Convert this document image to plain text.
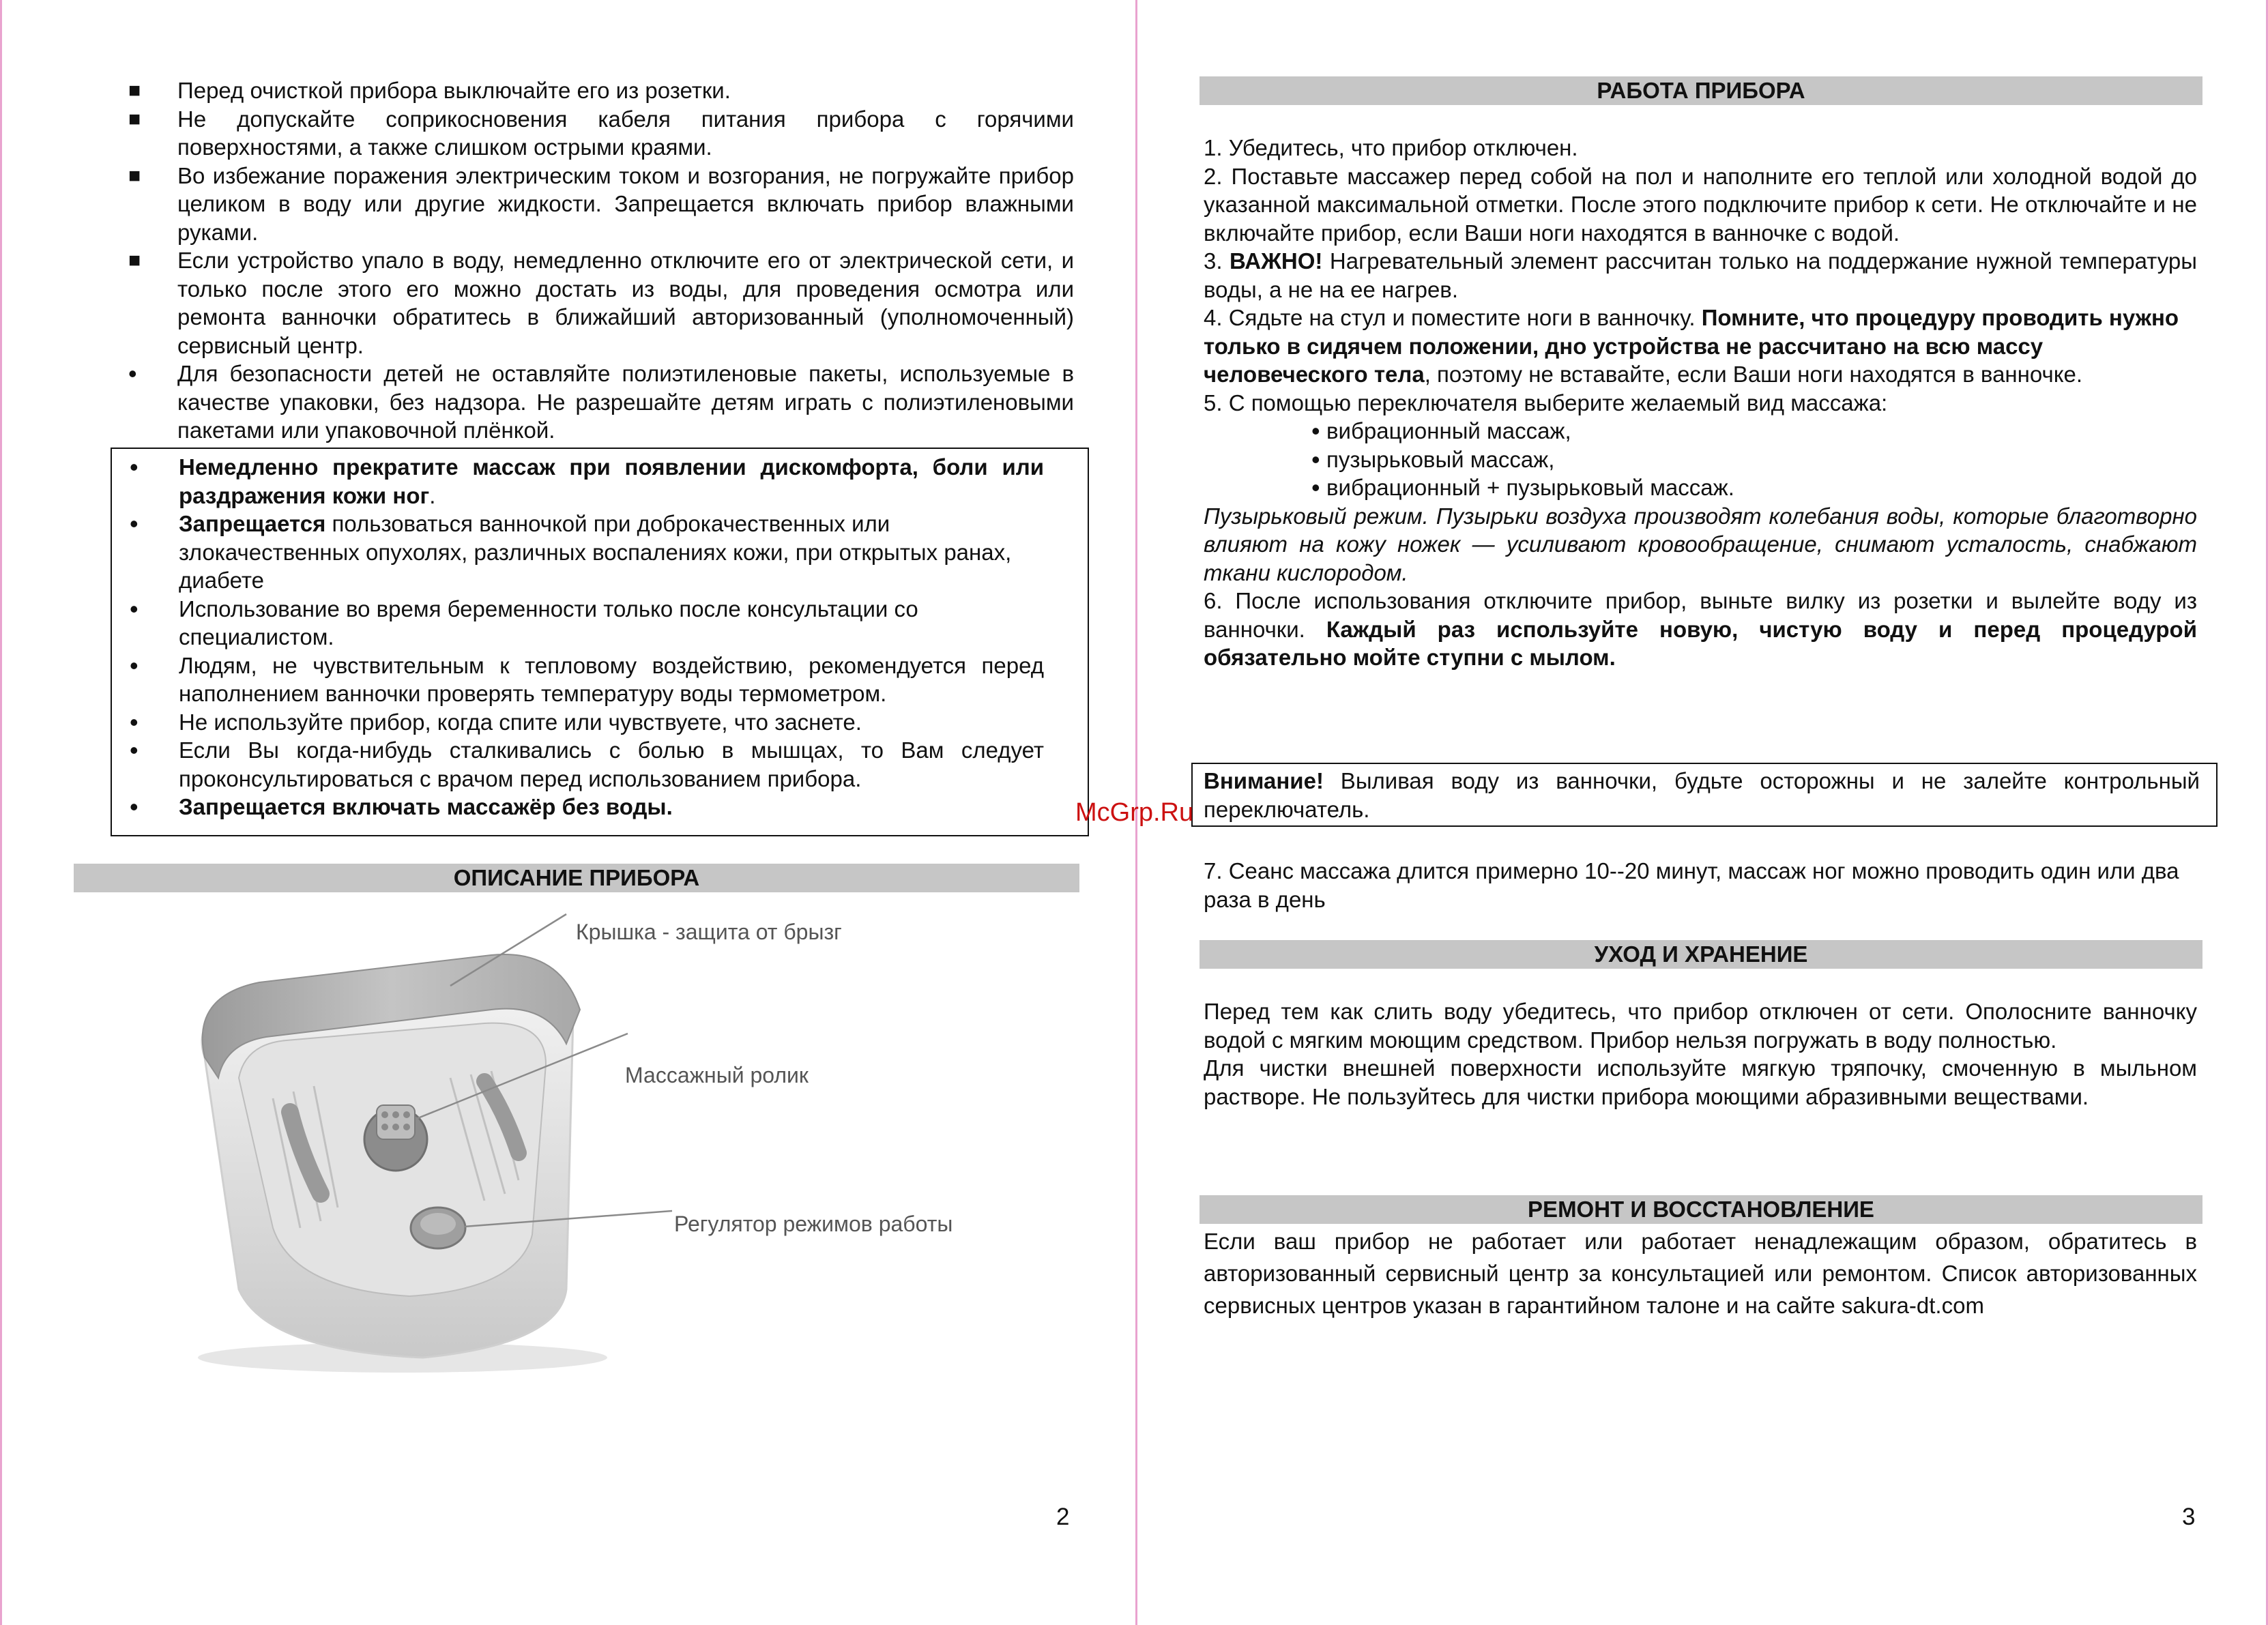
■ Перед очисткой прибора выключайте его из розетки.
■ Не допускайте соприкосновения кабеля питания прибора с горячими поверхностями, а также слишком острыми краями.
■ Во избежание поражения электрическим током и возгорания, не погружайте прибор целиком в воду или другие жидкости. Запрещается включать прибор влажными руками.
■ Если устройство упало в воду, немедленно отключите его от электрической сети, и только после этого его можно достать из воды, для проведения осмотра или ремонта ванночки обратитесь в ближайший авторизованный (уполномоченный) сервисный центр.
• Для безопасности детей не оставляйте полиэтиленовые пакеты, используемые в качестве упаковки, без надзора. Не разрешайте детям играть с полиэтиленовыми пакетами или упаковочной плёнкой.
• Немедленно прекратите массаж при появлении дискомфорта, боли или раздражения кожи ног.
• Запрещается пользоваться ванночкой при доброкачественных или злокачественных опухолях, различных воспалениях кожи, при открытых ранах, диабете
• Использование во время беременности только после консультации со специалистом.
• Людям, не чувствительным к тепловому воздействию, рекомендуется перед наполнением ванночки проверять температуру воды термометром.
• Не используйте прибор, когда спите или чувствуете, что заснете.
• Если Вы когда-нибудь сталкивались с болью в мышцах, то Вам следует проконсультироваться с врачом перед использованием прибора.
• Запрещается включать массажёр без воды.
ОПИСАНИЕ ПРИБОРА
Крышка - защита от брызг
Массажный ролик
Регулятор режимов работы
2
РАБОТА ПРИБОРА

1. Убедитесь, что прибор отключен.

2. Поставьте массажер перед собой на пол и наполните его теплой или холодной водой до указанной максимальной отметки. После этого подключите прибор к сети. Не отключайте и не включайте прибор, если Ваши ноги находятся в ванночке с водой.

3. ВАЖНО! Нагревательный элемент рассчитан только на поддержание нужной температуры воды, а не на ее нагрев.

4. Сядьте на стул и поместите ноги в ванночку. Помните, что процедуру проводить нужно только в сидячем положении, дно устройства не рассчитано на всю массу человеческого тела, поэтому не вставайте, если Ваши ноги находятся в ванночке.

5. С помощью переключателя выберите желаемый вид массажа:

• вибрационный массаж,
• пузырьковый массаж,
• вибрационный + пузырьковый массаж.

Пузырьковый режим. Пузырьки воздуха производят колебания воды, которые благотворно влияют на кожу ножек — усиливают кровообращение, снимают усталость, снабжают ткани кислородом.

6. После использования отключите прибор, выньте вилку из розетки и вылейте воду из ванночки. Каждый раз используйте новую, чистую воду и перед процедурой обязательно мойте ступни с мылом.

Внимание! Выливая воду из ванночки, будьте осторожны и не залейте контрольный переключатель.

7. Сеанс массажа длится примерно 10--20 минут, массаж ног можно проводить один или два раза в день

УХОД И ХРАНЕНИЕ

Перед тем как слить воду убедитесь, что прибор отключен от сети. Ополосните ванночку водой с мягким моющим средством. Прибор нельзя погружать в воду полностью.

Для чистки внешней поверхности используйте мягкую тряпочку, смоченную в мыльном растворе. Не пользуйтесь для чистки прибора моющими абразивными веществами.

РЕМОНТ И ВОССТАНОВЛЕНИЕ

Если ваш прибор не работает или работает ненадлежащим образом, обратитесь в авторизованный сервисный центр за консультацией или ремонтом. Список авторизованных сервисных центров указан в гарантийном талоне и на сайте sakura-dt.com

3
McGrp.Ru
